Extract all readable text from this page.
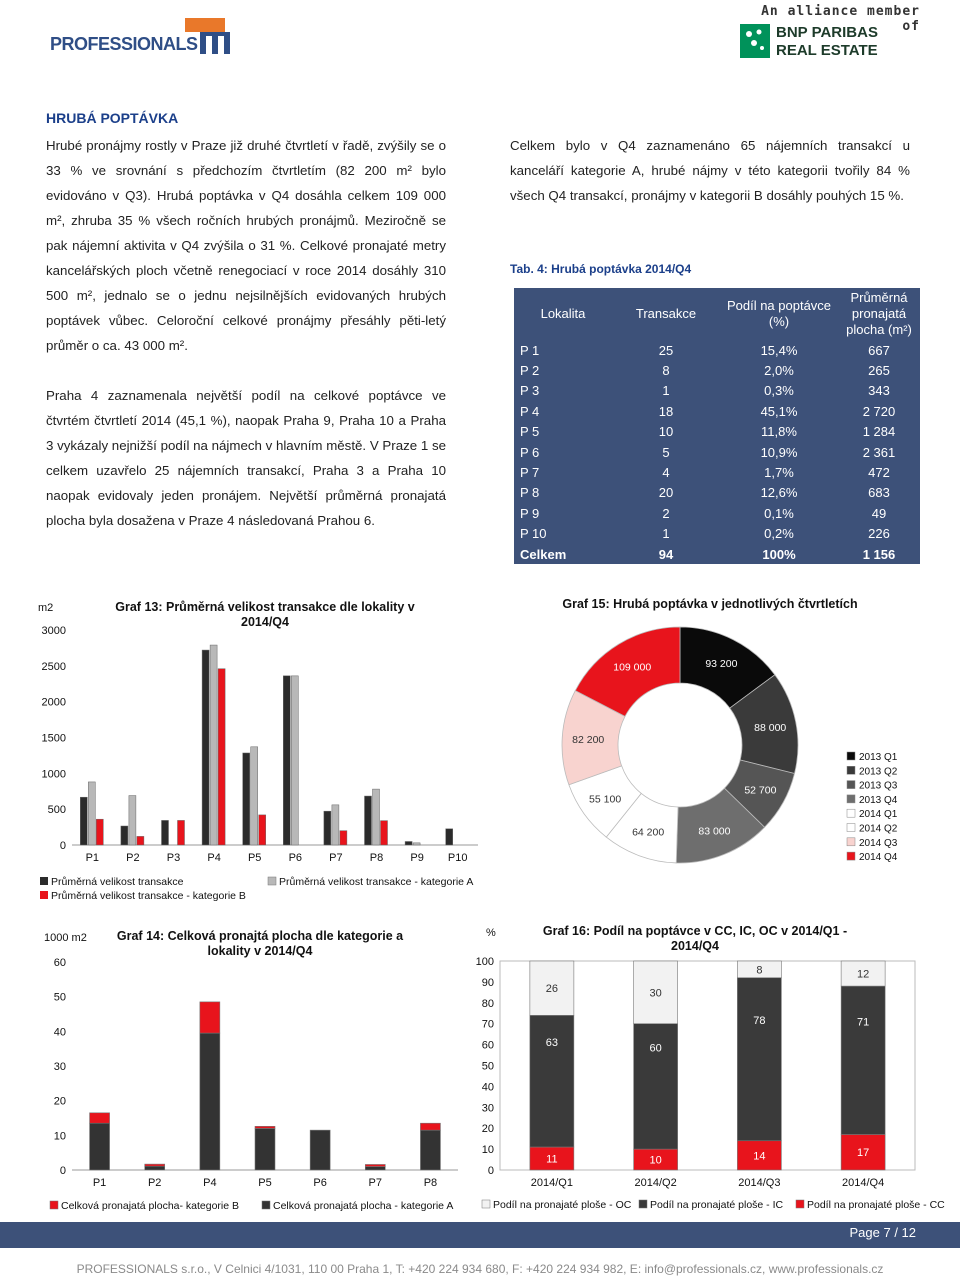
PROFESSIONALS
An alliance member of
BNP PARIBAS
REAL ESTATE
HRUBÁ POPTÁVKA

Hrubé pronájmy rostly v Praze již druhé čtvrtletí v řadě, zvýšily se o 33 % ve srovnání s předchozím čtvrtletím (82 200 m² bylo evidováno v Q3). Hrubá poptávka v Q4 dosáhla celkem 109 000 m², zhruba 35 % všech ročních hrubých pronájmů. Meziročně se pak nájemní aktivita v Q4 zvýšila o 31 %. Celkové pronajaté metry kancelářských ploch včetně renegociací v roce 2014 dosáhly 310 500 m², jednalo se o jednu nejsilnějších evidovaných hrubých poptávek vůbec. Celoroční celkové pronájmy přesáhly pěti-letý průměr o ca. 43 000 m².

Praha 4 zaznamenala největší podíl na celkové poptávce ve čtvrtém čtvrtletí 2014 (45,1 %), naopak Praha 9, Praha 10 a Praha 3 vykázaly nejnižší podíl na nájmech v hlavním městě. V Praze 1 se celkem uzavřelo 25 nájemních transakcí, Praha 3 a Praha 10 naopak evidovaly jeden pronájem. Největší průměrná pronajatá plocha byla dosažena v Praze 4 následovaná Prahou 6.

Celkem bylo v Q4 zaznamenáno 65 nájemních transakcí u kanceláří kategorie A, hrubé nájmy v této kategorii tvořily 84 % všech Q4 transakcí, pronájmy v kategorii B dosáhly pouhých 15 %.

Tab. 4: Hrubá poptávka 2014/Q4
Lokalita	Transakce	Podíl na poptávce (%)	Průměrná pronajatá plocha (m²)
P 1	25	15,4%	667
P 2	8	2,0%	265
P 3	1	0,3%	343
P 4	18	45,1%	2 720
P 5	10	11,8%	1 284
P 6	5	10,9%	2 361
P 7	4	1,7%	472
P 8	20	12,6%	683
P 9	2	0,1%	49
P 10	1	0,2%	226
Celkem	94	100%	1 156
Graf 13: Průměrná velikost transakce dle lokality v 2014/Q4
m2
0
500
1000
1500
2000
2500
3000
P1 P2 P3 P4 P5 P6 P7 P8 P9 P10
Průměrná velikost transakce	Průměrná velikost transakce - kategorie A
Průměrná velikost transakce - kategorie B
Graf 15: Hrubá poptávka v jednotlivých čtvrtletích
93 200
88 000
52 700
83 000
64 200
55 100
82 200
109 000
2013 Q1
2013 Q2
2013 Q3
2013 Q4
2014 Q1
2014 Q2
2014 Q3
2014 Q4
Graf 14: Celková pronajtá plocha dle kategorie a lokality v 2014/Q4
1000 m2
0
10
20
30
40
50
60
P1	P2	P4	P5	P6	P7	P8
Celková pronajatá plocha- kategorie B	Celková pronajatá plocha - kategorie A
Graf 16: Podíl na poptávce v CC, IC, OC v 2014/Q1 - 2014/Q4
%
0
10
20
30
40
50
60
70
80
90
100
2014/Q1
11
63
26
2014/Q2
10
60
30
2014/Q3
14
78
8
2014/Q4
17
71
12
Podíl na pronajaté ploše - OC Podíl na pronajaté ploše - IC Podíl na pronajaté ploše - CC
Page 7 / 12
PROFESSIONALS s.r.o., V Celnici 4/1031, 110 00 Praha 1, T: +420 224 934 680, F: +420 224 934 982, E: info@professionals.cz, www.professionals.cz
